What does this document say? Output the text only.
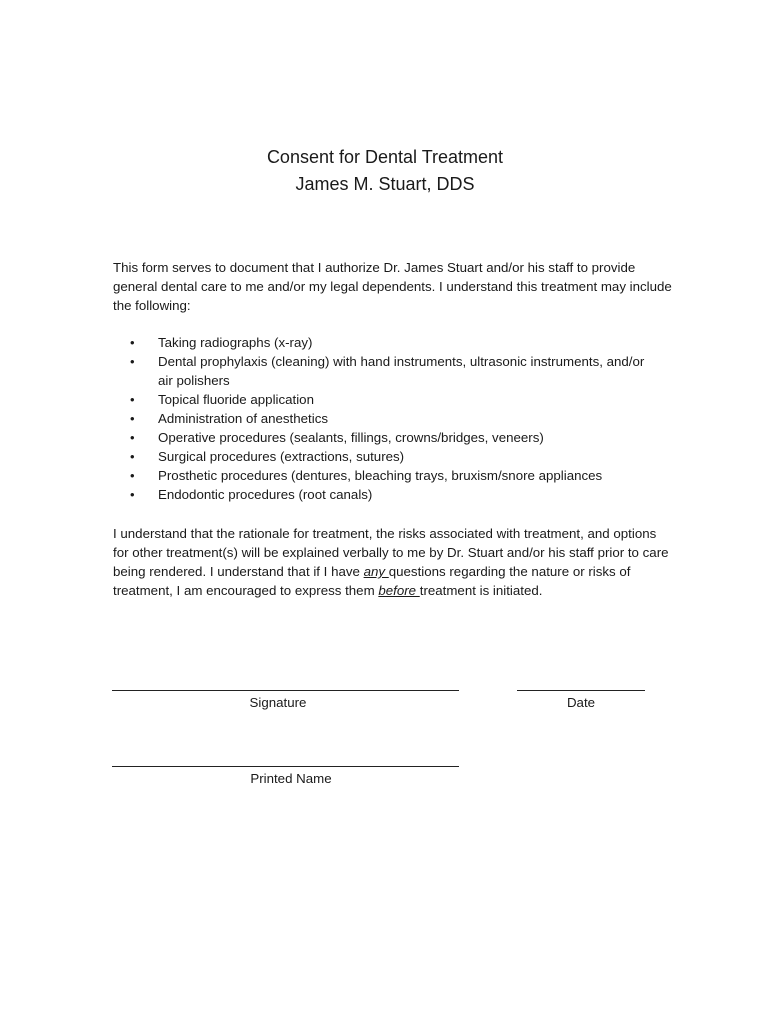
Consent for Dental Treatment
James M. Stuart, DDS
This form serves to document that I authorize Dr. James Stuart and/or his staff to provide general dental care to me and/or my legal dependents. I understand this treatment may include the following:
•	Taking radiographs (x-ray)
•	Dental prophylaxis (cleaning) with hand instruments, ultrasonic instruments, and/or air polishers
•	Topical fluoride application
•	Administration of anesthetics
•	Operative procedures (sealants, fillings, crowns/bridges, veneers)
•	Surgical procedures (extractions, sutures)
•	Prosthetic procedures (dentures, bleaching trays, bruxism/snore appliances
•	Endodontic procedures (root canals)
I understand that the rationale for treatment, the risks associated with treatment, and options for other treatment(s) will be explained verbally to me by Dr. Stuart and/or his staff prior to care being rendered. I understand that if I have any questions regarding the nature or risks of treatment, I am encouraged to express them before treatment is initiated.
Signature	Date
Printed Name
